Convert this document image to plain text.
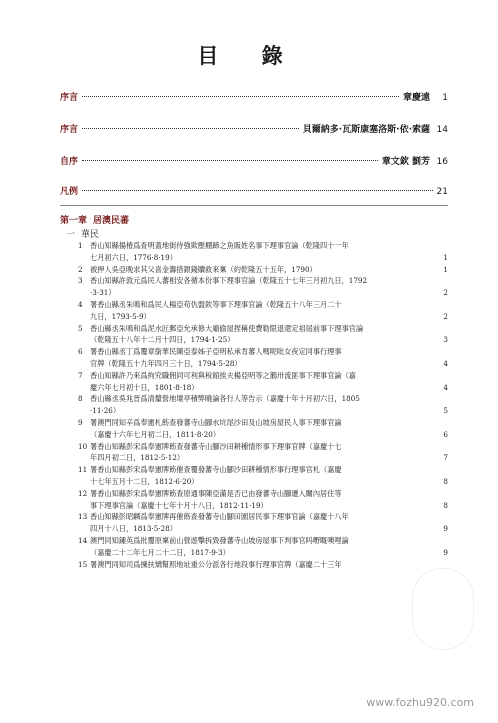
目 錄
序言	章慶遠 1
序言	貝爾納多·瓦斯康塞洛斯·依·索薩 14
自序	章文欽 劉芳 16
凡例	21
第一章 居澳民蕃
一 華民
1 香山知縣揚椿爲查明蓋地街侍強欺壓棚蹄之魚販姓名事下理事官論（乾隆四十一年
七月初六日，1776·8·19）	1
2 被押人吳亞晚求其父喜金籌措銀錢贖救來稟（約乾隆五十五年，1790）	1
3 香山知縣許敦元爲民人蕃相安各循本份事下理事官論（乾隆五十七年三月初九日，1792
·3·31）	2
4 署香山縣丞朱鳴和爲民人楊亞苟仇盟欽等事下理事官論（乾隆五十八年三月二十
九日，1793·5·9）	2
5 香山縣丞朱鳴和爲泥水匠郵亞允承修大廟偷屋捏稱使費勒限退還定祖屆前事下理事官論
（乾隆五十八年十二月十四日，1794·1·25）	3
6 署香山縣丞丁爲覆章銜華民陳亞泰姊子亞明私承肯蕃人嗎呢吡女夜定同事行理事
官牌（乾隆五十九年四月三十日，1794·5·28）	4
7 香山知縣許乃來爲拘究職佣同可利與稅館挨夫楊亞明等之鵝卅流匪事下理事官論（嘉
慶六年七月初十日，1801·8·18）	4
8 香山縣丞吳兆晉爲清釐營地壇亭積弊曉論各行人等告示（嘉慶十年十月初六日，1805
·11·26）	5
9 署澳門同知辛爲奉憲札飭查發蕃寺山腳水坑尾沙田及山坡房屋民人事下理事官論
（嘉慶十六年七月初二日，1811·8·20）	6
10 署香山知縣彭宋爲奉憲牌飭查發蕃寺山腳沙田耕種情形事下理事官牌（嘉慶十七
年四月初二日，1812·5·12）	7
11 署香山知縣彭宋爲奉憲牌飭催查覆發蕃寺山腳沙田耕種情形事行理事官札（嘉慶
十七年五月十二日，1812·6·20）	8
12 署香山知縣彭宋爲奉憲牌飭查原通事陳亞滿是否已由發蕃寺山腳遷入關內居住等
事下理事官論（嘉慶十七年十月十八日，1812·11·19）	8
13 香山知縣彭昭麟爲奉憲牌再催飭查發蕃寺山腳田園居民事下理事官論（嘉慶十八年
四月十八日，1813·5·28）	9
14 澳門同知鍾英爲批覆原稟前山營遊擊拆毀發蕃寺山坡房屋事下判事官吗嘢嘅噢哩論
（嘉慶二十二年七月二十二日，1817·9·3）	9
15 署澳門同知司爲揀扶矯幫照地址重公分派各行地段事行理事官牌（嘉慶二十三年
www.fozhu920.com
